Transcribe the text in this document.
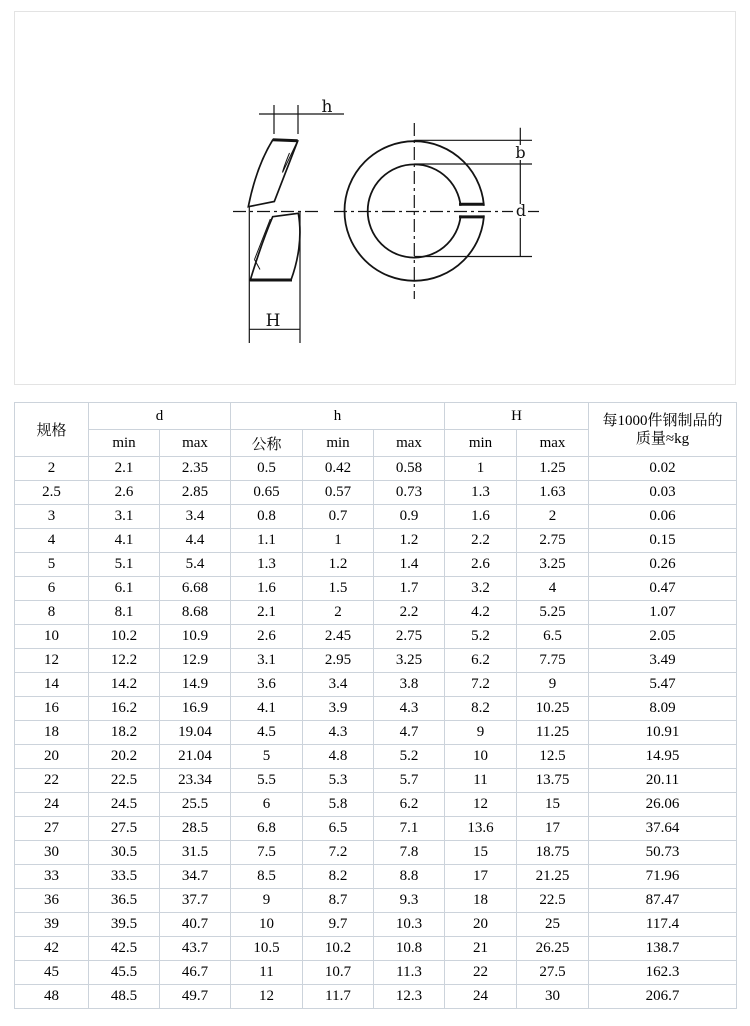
h
H
b
d
规格	d		h			H		每1000件钢制品的
质量≈kg

	min	max	公称	min	max	min	max	
2	2.1	2.35	0.5	0.42	0.58	1	1.25	0.02
2.5	2.6	2.85	0.65	0.57	0.73	1.3	1.63	0.03
3	3.1	3.4	0.8	0.7	0.9	1.6	2	0.06
4	4.1	4.4	1.1	1	1.2	2.2	2.75	0.15
5	5.1	5.4	1.3	1.2	1.4	2.6	3.25	0.26
6	6.1	6.68	1.6	1.5	1.7	3.2	4	0.47
8	8.1	8.68	2.1	2	2.2	4.2	5.25	1.07
10	10.2	10.9	2.6	2.45	2.75	5.2	6.5	2.05
12	12.2	12.9	3.1	2.95	3.25	6.2	7.75	3.49
14	14.2	14.9	3.6	3.4	3.8	7.2	9	5.47
16	16.2	16.9	4.1	3.9	4.3	8.2	10.25	8.09
18	18.2	19.04	4.5	4.3	4.7	9	11.25	10.91
20	20.2	21.04	5	4.8	5.2	10	12.5	14.95
22	22.5	23.34	5.5	5.3	5.7	11	13.75	20.11
24	24.5	25.5	6	5.8	6.2	12	15	26.06
27	27.5	28.5	6.8	6.5	7.1	13.6	17	37.64
30	30.5	31.5	7.5	7.2	7.8	15	18.75	50.73
33	33.5	34.7	8.5	8.2	8.8	17	21.25	71.96
36	36.5	37.7	9	8.7	9.3	18	22.5	87.47
39	39.5	40.7	10	9.7	10.3	20	25	117.4
42	42.5	43.7	10.5	10.2	10.8	21	26.25	138.7
45	45.5	46.7	11	10.7	11.3	22	27.5	162.3
48	48.5	49.7	12	11.7	12.3	24	30	206.7
